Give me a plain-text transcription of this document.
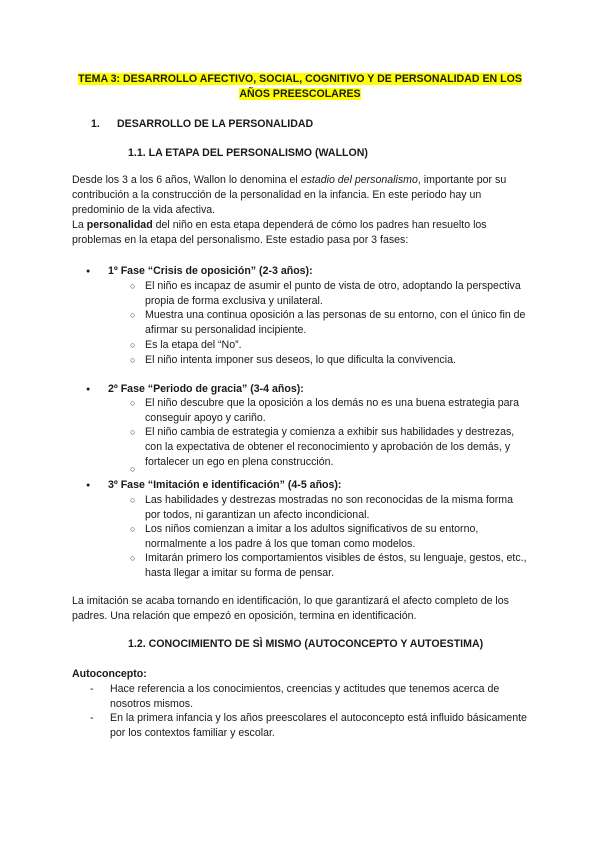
TEMA 3: DESARROLLO AFECTIVO, SOCIAL, COGNITIVO Y DE PERSONALIDAD EN LOS
AÑOS PREESCOLARES
1. DESARROLLO DE LA PERSONALIDAD
1.1. LA ETAPA DEL PERSONALISMO (WALLON)
Desde los 3 a los 6 años, Wallon lo denomina el estadio del personalismo, importante por su contribución a la construcción de la personalidad en la infancia. En este periodo hay un predominio de la vida afectiva.
La personalidad del niño en esta etapa dependerá de cómo los padres han resuelto los problemas en la etapa del personalismo. Este estadio pasa por 3 fases:
1º Fase “Crisis de oposición” (2-3 años):
○ El niño es incapaz de asumir el punto de vista de otro, adoptando la perspectiva propia de forma exclusiva y unilateral.
○ Muestra una continua oposición a las personas de su entorno, con el único fin de afirmar su personalidad incipiente.
○ Es la etapa del “No”.
○ El niño intenta imponer sus deseos, lo que dificulta la convivencia.
2º Fase “Periodo de gracia” (3-4 años):
○ El niño descubre que la oposición a los demás no es una buena estrategia para conseguir apoyo y cariño.
○ El niño cambia de estrategia y comienza a exhibir sus habilidades y destrezas, con la expectativa de obtener el reconocimiento y aprobación de los demás, y fortalecer un ego en plena construcción.
○
3º Fase “Imitación e identificación” (4-5 años):
○ Las habilidades y destrezas mostradas no son reconocidas de la misma forma por todos, ni garantizan un afecto incondicional.
○ Los niños comienzan a imitar a los adultos significativos de su entorno, normalmente a los padre á los que toman como modelos.
○ Imitarán primero los comportamientos visibles de éstos, su lenguaje, gestos, etc., hasta llegar a imitar su forma de pensar.
La imitación se acaba tornando en identificación, lo que garantizará el afecto completo de los padres. Una relación que empezó en oposición, termina en identificación.
1.2. CONOCIMIENTO DE SÌ MISMO (AUTOCONCEPTO Y AUTOESTIMA)
Autoconcepto:
- Hace referencia a los conocimientos, creencias y actitudes que tenemos acerca de nosotros mismos.
- En la primera infancia y los años preescolares el autoconcepto está influido básicamente por los contextos familiar y escolar.
